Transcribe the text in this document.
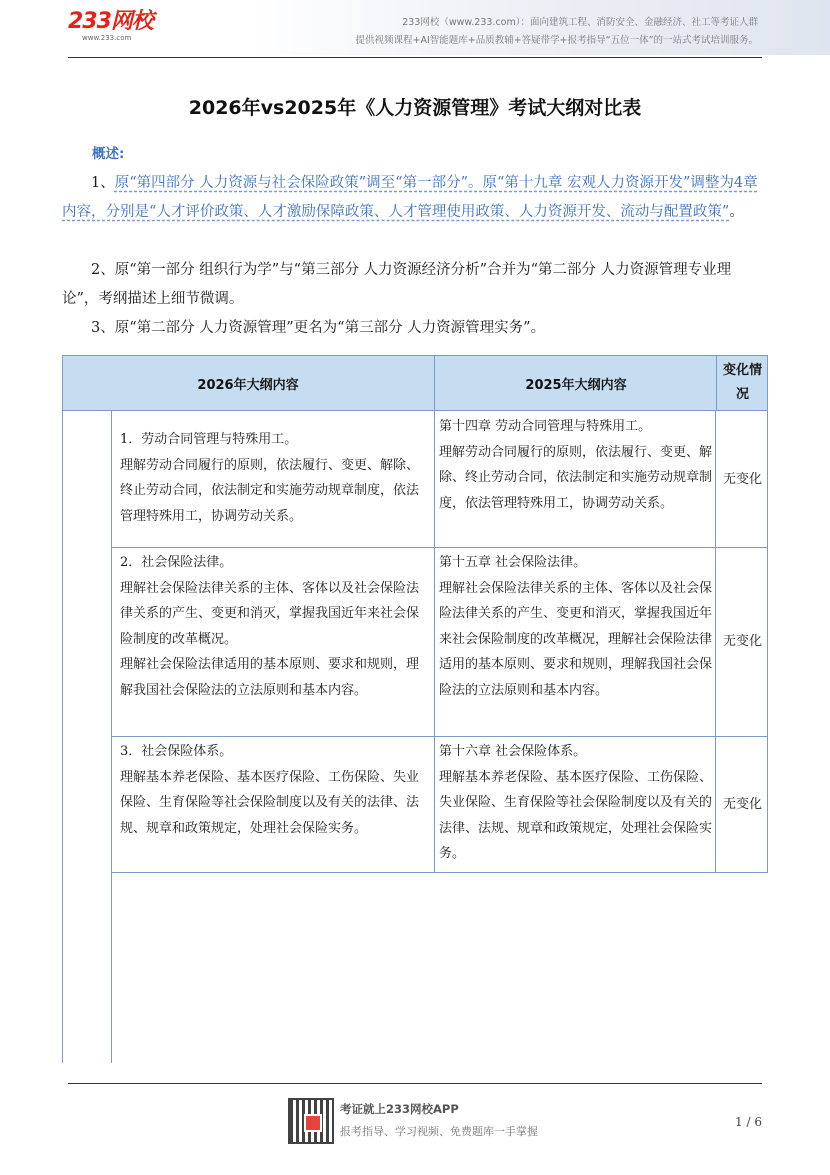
233网校
www.233.com
233网校（www.233.com）：面向建筑工程、消防安全、金融经济、社工等考证人群
提供视频课程+AI智能题库+品质教辅+答疑带学+报考指导“五位一体”的一站式考试培训服务。
2026年vs2025年《人力资源管理》考试大纲对比表
概述:
1、原“第四部分 人力资源与社会保险政策”调至“第一部分”。原“第十九章 宏观人力资源开发”调整为4章内容，分别是“人才评价政策、人才激励保障政策、人才管理使用政策、人力资源开发、流动与配置政策”。
2、原“第一部分 组织行为学”与“第三部分 人力资源经济分析”合并为“第二部分 人力资源管理专业理论”，考纲描述上细节微调。
3、原“第二部分 人力资源管理”更名为“第三部分 人力资源管理实务”。
2026年大纲内容	2025年大纲内容
变化情况

1．劳动合同管理与特殊用工。

理解劳动合同履行的原则，依法履行、变更、解除、终止劳动合同，依法制定和实施劳动规章制度，依法管理特殊用工，协调劳动关系。

第十四章 劳动合同管理与特殊用工。

理解劳动合同履行的原则，依法履行、变更、解除、终止劳动合同，依法制定和实施劳动规章制度，依法管理特殊用工，协调劳动关系。

无变化

2．社会保险法律。

理解社会保险法律关系的主体、客体以及社会保险法律关系的产生、变更和消灭，掌握我国近年来社会保险制度的改革概况。

理解社会保险法律适用的基本原则、要求和规则，理解我国社会保险法的立法原则和基本内容。

第十五章 社会保险法律。

理解社会保险法律关系的主体、客体以及社会保险法律关系的产生、变更和消灭，掌握我国近年来社会保险制度的改革概况，理解社会保险法律适用的基本原则、要求和规则，理解我国社会保险法的立法原则和基本内容。

无变化

3．社会保险体系。

理解基本养老保险、基本医疗保险、工伤保险、失业保险、生育保险等社会保险制度以及有关的法律、法规、规章和政策规定，处理社会保险实务。

第十六章 社会保险体系。

理解基本养老保险、基本医疗保险、工伤保险、失业保险、生育保险等社会保险制度以及有关的法律、法规、规章和政策规定，处理社会保险实务。

无变化
考证就上233网校APP
报考指导、学习视频、免费题库一手掌握
1 / 6
